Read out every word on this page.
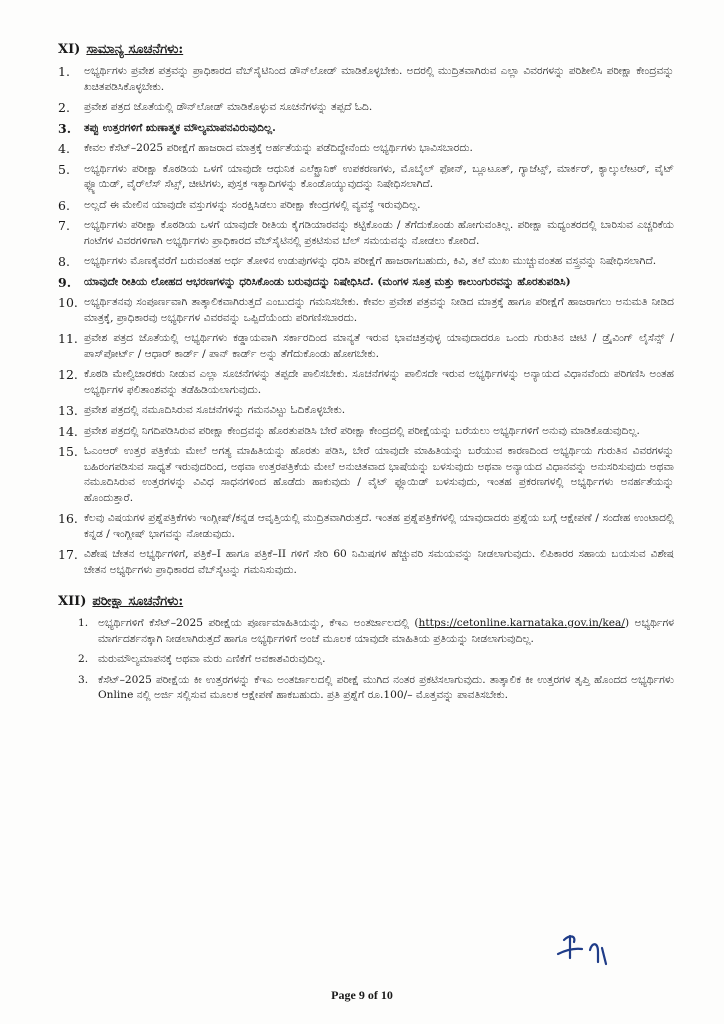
XI) ಸಾಮಾನ್ಯ ಸೂಚನೆಗಳು:
1.	ಅಭ್ಯರ್ಥಿಗಳು ಪ್ರವೇಶ ಪತ್ರವನ್ನು ಪ್ರಾಧಿಕಾರದ ವೆಬ್‌ಸೈಟಿನಿಂದ ಡೌನ್‌ಲೋಡ್ ಮಾಡಿಕೊಳ್ಳಬೇಕು. ಅದರಲ್ಲಿ ಮುದ್ರಿತವಾಗಿರುವ ಎಲ್ಲಾ ವಿವರಗಳನ್ನು ಪರಿಶೀಲಿಸಿ ಪರೀಕ್ಷಾ ಕೇಂದ್ರವನ್ನು ಖಚಿತಪಡಿಸಿಕೊಳ್ಳಬೇಕು.
2.	ಪ್ರವೇಶ ಪತ್ರದ ಜೊತೆಯಲ್ಲಿ ಡೌನ್‌ಲೋಡ್ ಮಾಡಿಕೊಳ್ಳುವ ಸೂಚನೆಗಳನ್ನು ತಪ್ಪದೆ ಓದಿ.
3.	ತಪ್ಪು ಉತ್ತರಗಳಿಗೆ ಋಣಾತ್ಮಕ ಮೌಲ್ಯಮಾಪನವಿರುವುದಿಲ್ಲ.
4.	ಕೇವಲ ಕೆಸೆಟ್–2025 ಪರೀಕ್ಷೆಗೆ ಹಾಜರಾದ ಮಾತ್ರಕ್ಕೆ ಅರ್ಹತೆಯನ್ನು ಪಡೆದಿದ್ದೇನೆಂದು ಅಭ್ಯರ್ಥಿಗಳು ಭಾವಿಸಬಾರದು.
5.	ಅಭ್ಯರ್ಥಿಗಳು ಪರೀಕ್ಷಾ ಕೊಠಡಿಯ ಒಳಗೆ ಯಾವುದೇ ಆಧುನಿಕ ಎಲೆಕ್ಟ್ರಾನಿಕ್ ಉಪಕರಣಗಳು, ಮೊಬೈಲ್ ಫೋನ್, ಬ್ಲೂಟೂತ್, ಗ್ಯಾಜೆಟ್ಸ್, ಮಾರ್ಕರ್, ಕ್ಯಾಲ್ಕುಲೇಟರ್, ವೈಟ್ ಫ್ಲ್ಯೂಯಿಡ್, ವೈರ್‌ಲೆಸ್ ಸೆಟ್ಸ್, ಚೀಟಿಗಳು, ಪುಸ್ತಕ ಇತ್ಯಾದಿಗಳನ್ನು ಕೊಂಡೊಯ್ಯುವುದನ್ನು ನಿಷೇಧಿಸಲಾಗಿದೆ.
6.	ಅಲ್ಲದೆ ಈ ಮೇಲಿನ ಯಾವುದೇ ವಸ್ತುಗಳನ್ನು ಸಂರಕ್ಷಿಸಿಡಲು ಪರೀಕ್ಷಾ ಕೇಂದ್ರಗಳಲ್ಲಿ ವ್ಯವಸ್ಥೆ ಇರುವುದಿಲ್ಲ.
7.	ಅಭ್ಯರ್ಥಿಗಳು ಪರೀಕ್ಷಾ ಕೊಠಡಿಯ ಒಳಗೆ ಯಾವುದೇ ರೀತಿಯ ಕೈಗಡಿಯಾರವನ್ನು ಕಟ್ಟಿಕೊಂಡು / ತೆಗೆದುಕೊಂಡು ಹೋಗುವಂತಿಲ್ಲ. ಪರೀಕ್ಷಾ ಮಧ್ಯಂತರದಲ್ಲಿ ಬಾರಿಸುವ ಎಚ್ಚರಿಕೆಯ ಗಂಟೆಗಳ ವಿವರಗಳಿಗಾಗಿ ಅಭ್ಯರ್ಥಿಗಳು ಪ್ರಾಧಿಕಾರದ ವೆಬ್‌ಸೈಟಿನಲ್ಲಿ ಪ್ರಕಟಿಸುವ ಬೆಲ್ ಸಮಯವನ್ನು ನೋಡಲು ಕೋರಿದೆ.
8.	ಅಭ್ಯರ್ಥಿಗಳು ಮೊಣಕೈವರೆಗೆ ಬರುವಂತಹ ಅರ್ಧ ತೋಳಿನ ಉಡುಪುಗಳನ್ನು ಧರಿಸಿ ಪರೀಕ್ಷೆಗೆ ಹಾಜರಾಗಬಹುದು, ಕಿವಿ, ತಲೆ ಮುಖ ಮುಚ್ಚುವಂತಹ ವಸ್ತ್ರವನ್ನು ನಿಷೇಧಿಸಲಾಗಿದೆ.
9.	ಯಾವುದೇ ರೀತಿಯ ಲೋಹದ ಆಭರಣಗಳನ್ನು ಧರಿಸಿಕೊಂಡು ಬರುವುದನ್ನು ನಿಷೇಧಿಸಿದೆ. (ಮಂಗಳ ಸೂತ್ರ ಮತ್ತು ಕಾಲುಂಗುರವನ್ನು ಹೊರತುಪಡಿಸಿ)
10. ಅಭ್ಯರ್ಥಿತನವು ಸಂಪೂರ್ಣವಾಗಿ ತಾತ್ಕಾಲಿಕವಾಗಿರುತ್ತದೆ ಎಂಬುದನ್ನು ಗಮನಿಸಬೇಕು. ಕೇವಲ ಪ್ರವೇಶ ಪತ್ರವನ್ನು ನೀಡಿದ ಮಾತ್ರಕ್ಕೆ ಹಾಗೂ ಪರೀಕ್ಷೆಗೆ ಹಾಜರಾಗಲು ಅನುಮತಿ ನೀಡಿದ ಮಾತ್ರಕ್ಕೆ, ಪ್ರಾಧಿಕಾರವು ಅಭ್ಯರ್ಥಿಗಳ ವಿವರವನ್ನು ಒಪ್ಪಿದೆಯೆಂದು ಪರಿಗಣಿಸಬಾರದು.
11. ಪ್ರವೇಶ ಪತ್ರದ ಜೊತೆಯಲ್ಲಿ ಅಭ್ಯರ್ಥಿಗಳು ಕಡ್ಡಾಯವಾಗಿ ಸರ್ಕಾರದಿಂದ ಮಾನ್ಯತೆ ಇರುವ ಭಾವಚಿತ್ರವುಳ್ಳ ಯಾವುದಾದರೂ ಒಂದು ಗುರುತಿನ ಚೀಟಿ / ಡ್ರೈವಿಂಗ್ ಲೈಸೆನ್ಸ್ / ಪಾಸ್‌ಪೋರ್ಟ್ / ಆಧಾರ್ ಕಾರ್ಡ್ / ಪಾನ್ ಕಾರ್ಡ್ ಅನ್ನು ತೆಗೆದುಕೊಂಡು ಹೋಗಬೇಕು.
12. ಕೊಠಡಿ ಮೇಲ್ವಿಚಾರಕರು ನೀಡುವ ಎಲ್ಲಾ ಸೂಚನೆಗಳನ್ನು ತಪ್ಪದೇ ಪಾಲಿಸಬೇಕು. ಸೂಚನೆಗಳನ್ನು ಪಾಲಿಸದೇ ಇರುವ ಅಭ್ಯರ್ಥಿಗಳನ್ನು ಅನ್ಯಾಯದ ವಿಧಾನವೆಂದು ಪರಿಗಣಿಸಿ ಅಂತಹ ಅಭ್ಯರ್ಥಿಗಳ ಫಲಿತಾಂಶವನ್ನು ತಡೆಹಿಡಿಯಲಾಗುವುದು.
13. ಪ್ರವೇಶ ಪತ್ರದಲ್ಲಿ ನಮೂದಿಸಿರುವ ಸೂಚನೆಗಳನ್ನು ಗಮನವಿಟ್ಟು ಓದಿಕೊಳ್ಳಬೇಕು.
14. ಪ್ರವೇಶ ಪತ್ರದಲ್ಲಿ ನಿಗದಿಪಡಿಸಿರುವ ಪರೀಕ್ಷಾ ಕೇಂದ್ರವನ್ನು ಹೊರತುಪಡಿಸಿ ಬೇರೆ ಪರೀಕ್ಷಾ ಕೇಂದ್ರದಲ್ಲಿ ಪರೀಕ್ಷೆಯನ್ನು ಬರೆಯಲು ಅಭ್ಯರ್ಥಿಗಳಿಗೆ ಅನುವು ಮಾಡಿಕೊಡುವುದಿಲ್ಲ.
15. ಓಎಂಆರ್ ಉತ್ತರ ಪತ್ರಿಕೆಯ ಮೇಲೆ ಅಗತ್ಯ ಮಾಹಿತಿಯನ್ನು ಹೊರತು ಪಡಿಸಿ, ಬೇರೆ ಯಾವುದೇ ಮಾಹಿತಿಯನ್ನು ಬರೆಯುವ ಕಾರಣದಿಂದ ಅಭ್ಯರ್ಥಿಯ ಗುರುತಿನ ವಿವರಗಳನ್ನು ಬಹಿರಂಗಪಡಿಸುವ ಸಾಧ್ಯತೆ ಇರುವುದರಿಂದ, ಅಥವಾ ಉತ್ತರಪತ್ರಿಕೆಯ ಮೇಲೆ ಅನುಚಿತವಾದ ಭಾಷೆಯನ್ನು ಬಳಸುವುದು ಅಥವಾ ಅನ್ಯಾಯದ ವಿಧಾನವನ್ನು ಅನುಸರಿಸುವುದು ಅಥವಾ ನಮೂದಿಸಿರುವ ಉತ್ತರಗಳನ್ನು ವಿವಿಧ ಸಾಧನಗಳಿಂದ ಹೊಡೆದು ಹಾಕುವುದು / ವೈಟ್ ಫ್ಲೂಯಿಡ್ ಬಳಸುವುದು, ಇಂತಹ ಪ್ರಕರಣಗಳಲ್ಲಿ ಅಭ್ಯರ್ಥಿಗಳು ಅನರ್ಹತೆಯನ್ನು ಹೊಂದುತ್ತಾರೆ.
16. ಕೆಲವು ವಿಷಯಗಳ ಪ್ರಶ್ನೆಪತ್ರಿಕೆಗಳು ಇಂಗ್ಲೀಷ್/ಕನ್ನಡ ಆವೃತ್ತಿಯಲ್ಲಿ ಮುದ್ರಿತವಾಗಿರುತ್ತದೆ. ಇಂತಹ ಪ್ರಶ್ನೆಪತ್ರಿಕೆಗಳಲ್ಲಿ ಯಾವುದಾದರು ಪ್ರಶ್ನೆಯ ಬಗ್ಗೆ ಆಕ್ಷೇಪಣೆ / ಸಂದೇಹ ಉಂಟಾದಲ್ಲಿ ಕನ್ನಡ / ಇಂಗ್ಲೀಷ್ ಭಾಗವನ್ನು ನೋಡುವುದು.
17. ವಿಶೇಷ ಚೇತನ ಅಭ್ಯರ್ಥಿಗಳಿಗೆ, ಪತ್ರಿಕೆ–I ಹಾಗೂ ಪತ್ರಿಕೆ–II ಗಳಿಗೆ ಸೇರಿ 60 ನಿಮಿಷಗಳ ಹೆಚ್ಚುವರಿ ಸಮಯವನ್ನು ನೀಡಲಾಗುವುದು. ಲಿಪಿಕಾರರ ಸಹಾಯ ಬಯಸುವ ವಿಶೇಷ ಚೇತನ ಅಭ್ಯರ್ಥಿಗಳು ಪ್ರಾಧಿಕಾರದ ವೆಬ್‌ಸೈಟನ್ನು ಗಮನಿಸುವುದು.
XII) ಪರೀಕ್ಷಾ ಸೂಚನೆಗಳು:
1. ಅಭ್ಯರ್ಥಿಗಳಿಗೆ ಕೆಸೆಟ್–2025 ಪರೀಕ್ಷೆಯ ಪೂರ್ಣಮಾಹಿತಿಯನ್ನು, ಕೆಇಎ ಅಂತರ್ಜಾಲದಲ್ಲಿ (https://cetonline.karnataka.gov.in/kea/) ಅಭ್ಯರ್ಥಿಗಳ ಮಾರ್ಗದರ್ಶನಕ್ಕಾಗಿ ನೀಡಲಾಗಿರುತ್ತದೆ ಹಾಗೂ ಅಭ್ಯರ್ಥಿಗಳಿಗೆ ಅಂಚೆ ಮೂಲಕ ಯಾವುದೇ ಮಾಹಿತಿಯ ಪ್ರತಿಯನ್ನು ನೀಡಲಾಗುವುದಿಲ್ಲ.
2. ಮರುಮೌಲ್ಯಮಾಪನಕ್ಕೆ ಅಥವಾ ಮರು ಎಣಿಕೆಗೆ ಅವಕಾಶವಿರುವುದಿಲ್ಲ.
3. ಕೆಸೆಟ್–2025 ಪರೀಕ್ಷೆಯ ಕೀ ಉತ್ತರಗಳನ್ನು ಕೆಇಎ ಅಂತರ್ಜಾಲದಲ್ಲಿ ಪರೀಕ್ಷೆ ಮುಗಿದ ನಂತರ ಪ್ರಕಟಿಸಲಾಗುವುದು. ತಾತ್ಕಾಲಿಕ ಕೀ ಉತ್ತರಗಳ ತೃಪ್ತಿ ಹೊಂದದ ಅಭ್ಯರ್ಥಿಗಳು Online ನಲ್ಲಿ ಅರ್ಜಿ ಸಲ್ಲಿಸುವ ಮೂಲಕ ಆಕ್ಷೇಪಣೆ ಹಾಕಬಹುದು. ಪ್ರತಿ ಪ್ರಶ್ನೆಗೆ ರೂ.100/– ಮೊತ್ತವನ್ನು ಪಾವತಿಸಬೇಕು.
Page 9 of 10
